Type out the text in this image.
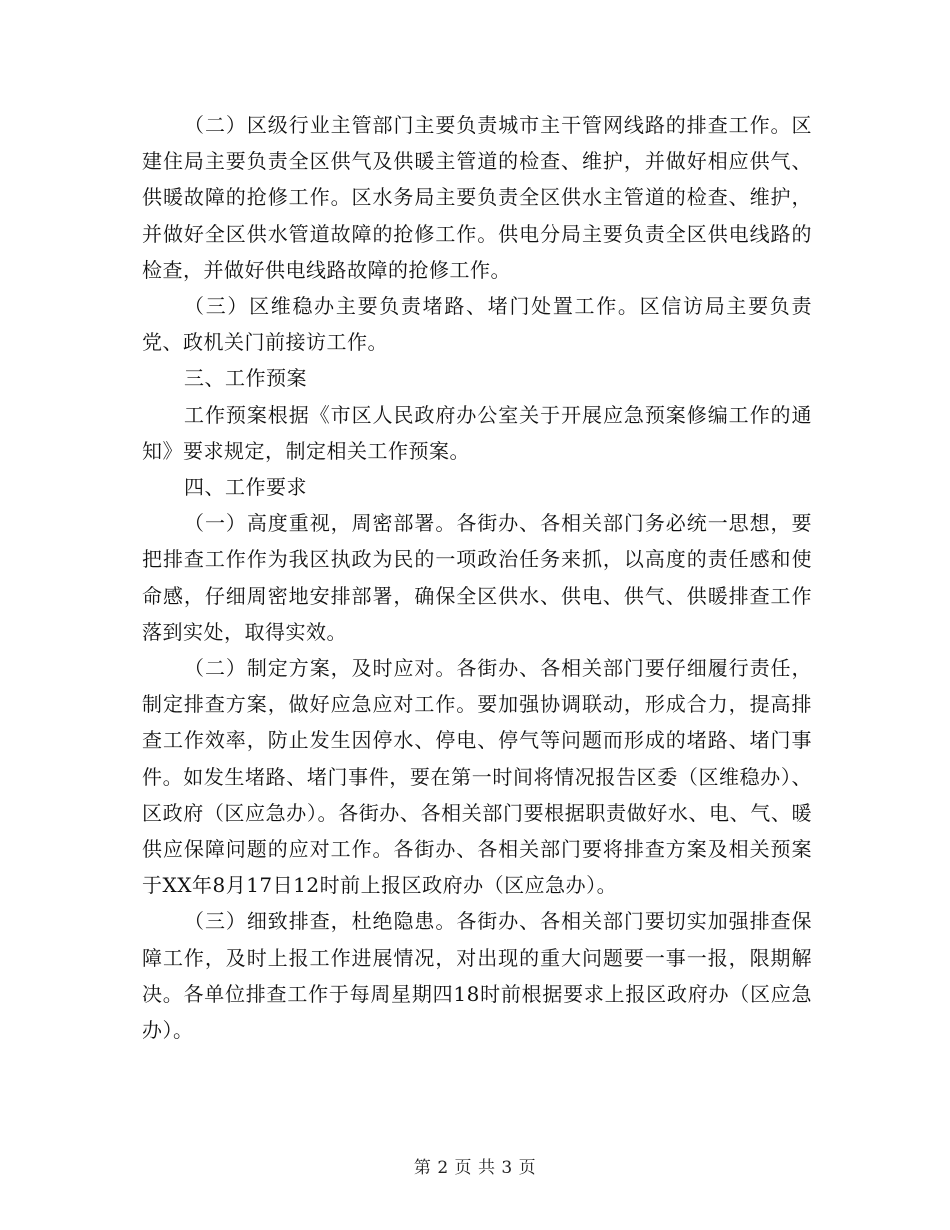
（二）区级行业主管部门主要负责城市主干管网线路的排查工作。区建住局主要负责全区供气及供暖主管道的检查、维护，并做好相应供气、供暖故障的抢修工作。区水务局主要负责全区供水主管道的检查、维护，并做好全区供水管道故障的抢修工作。供电分局主要负责全区供电线路的检查，并做好供电线路故障的抢修工作。

（三）区维稳办主要负责堵路、堵门处置工作。区信访局主要负责党、政机关门前接访工作。

三、工作预案

工作预案根据《市区人民政府办公室关于开展应急预案修编工作的通知》要求规定，制定相关工作预案。

四、工作要求

（一）高度重视，周密部署。各街办、各相关部门务必统一思想，要把排查工作作为我区执政为民的一项政治任务来抓，以高度的责任感和使命感，仔细周密地安排部署，确保全区供水、供电、供气、供暖排查工作落到实处，取得实效。

（二）制定方案，及时应对。各街办、各相关部门要仔细履行责任，制定排查方案，做好应急应对工作。要加强协调联动，形成合力，提高排查工作效率，防止发生因停水、停电、停气等问题而形成的堵路、堵门事件。如发生堵路、堵门事件，要在第一时间将情况报告区委（区维稳办）、区政府（区应急办）。各街办、各相关部门要根据职责做好水、电、气、暖供应保障问题的应对工作。各街办、各相关部门要将排查方案及相关预案于XX年8月17日12时前上报区政府办（区应急办）。

（三）细致排查，杜绝隐患。各街办、各相关部门要切实加强排查保障工作，及时上报工作进展情况，对出现的重大问题要一事一报，限期解决。各单位排查工作于每周星期四18时前根据要求上报区政府办（区应急办）。

第 2 页 共 3 页
